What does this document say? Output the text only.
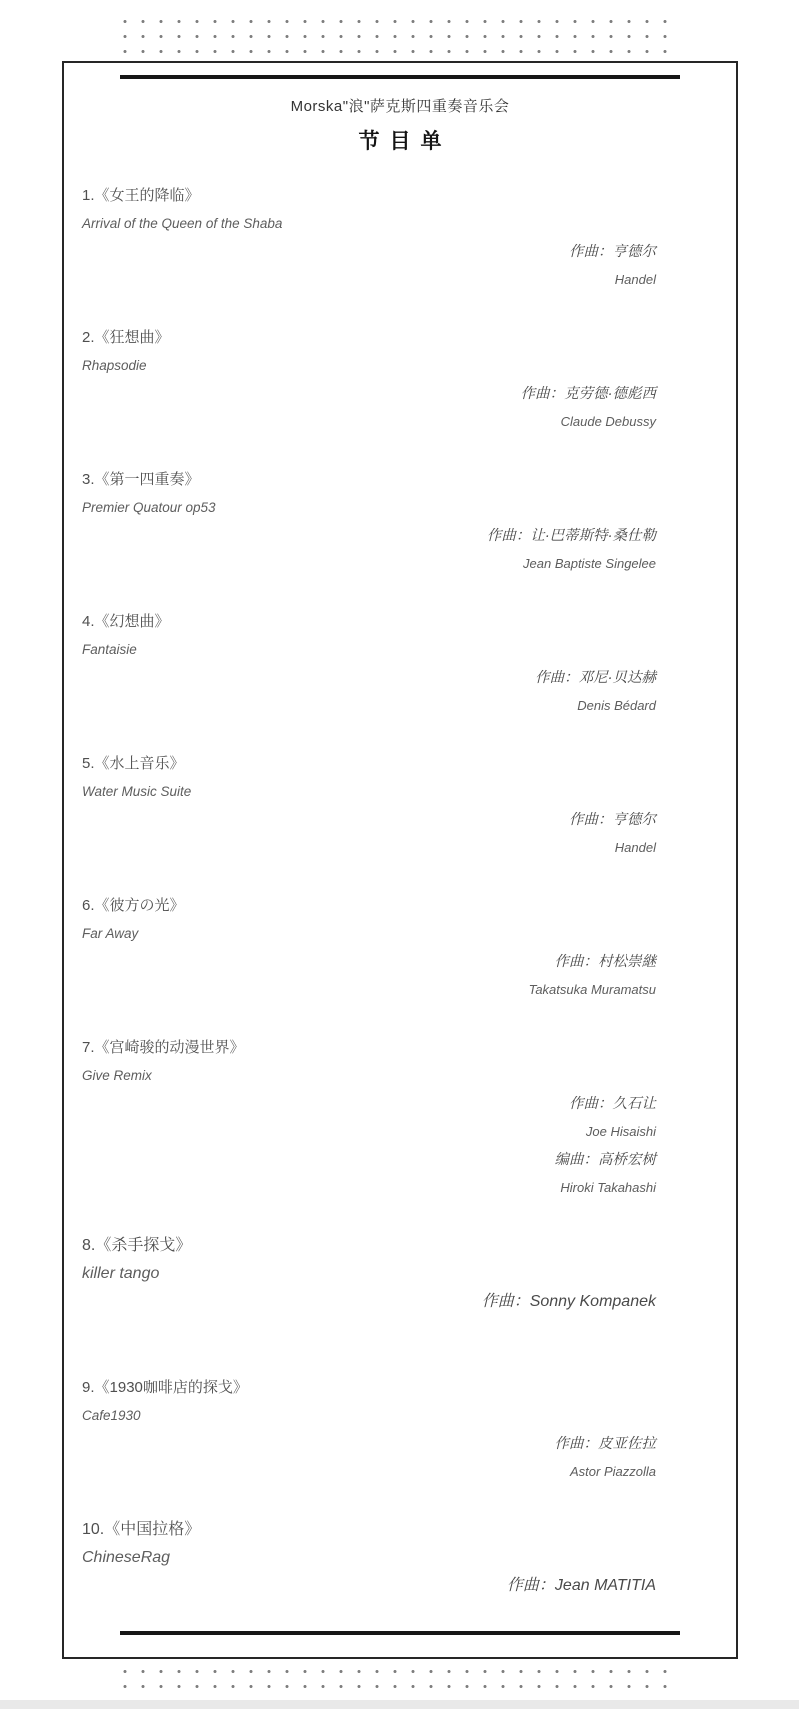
Morska"浪"萨克斯四重奏音乐会
节目单
1.《女王的降临》
Arrival of the Queen of the Shaba
作曲：亨德尔
Handel
2.《狂想曲》
Rhapsodie
作曲：克劳德·德彪西
Claude Debussy
3.《第一四重奏》
Premier Quatour op53
作曲：让·巴蒂斯特·桑仕勒
Jean Baptiste Singelee
4.《幻想曲》
Fantaisie
作曲：邓尼·贝达赫
Denis Bédard
5.《水上音乐》
Water Music Suite
作曲：亨德尔
Handel
6.《彼方の光》
Far Away
作曲：村松崇継
Takatsuka Muramatsu
7.《宫崎骏的动漫世界》
Give Remix
作曲：久石让
Joe Hisaishi
编曲：高桥宏树
Hiroki Takahashi
8.《杀手探戈》
killer tango
作曲：Sonny Kompanek
9.《1930咖啡店的探戈》
Cafe1930
作曲：皮亚佐拉
Astor Piazzolla
10.《中国拉格》
ChineseRag
作曲：Jean MATITIA
